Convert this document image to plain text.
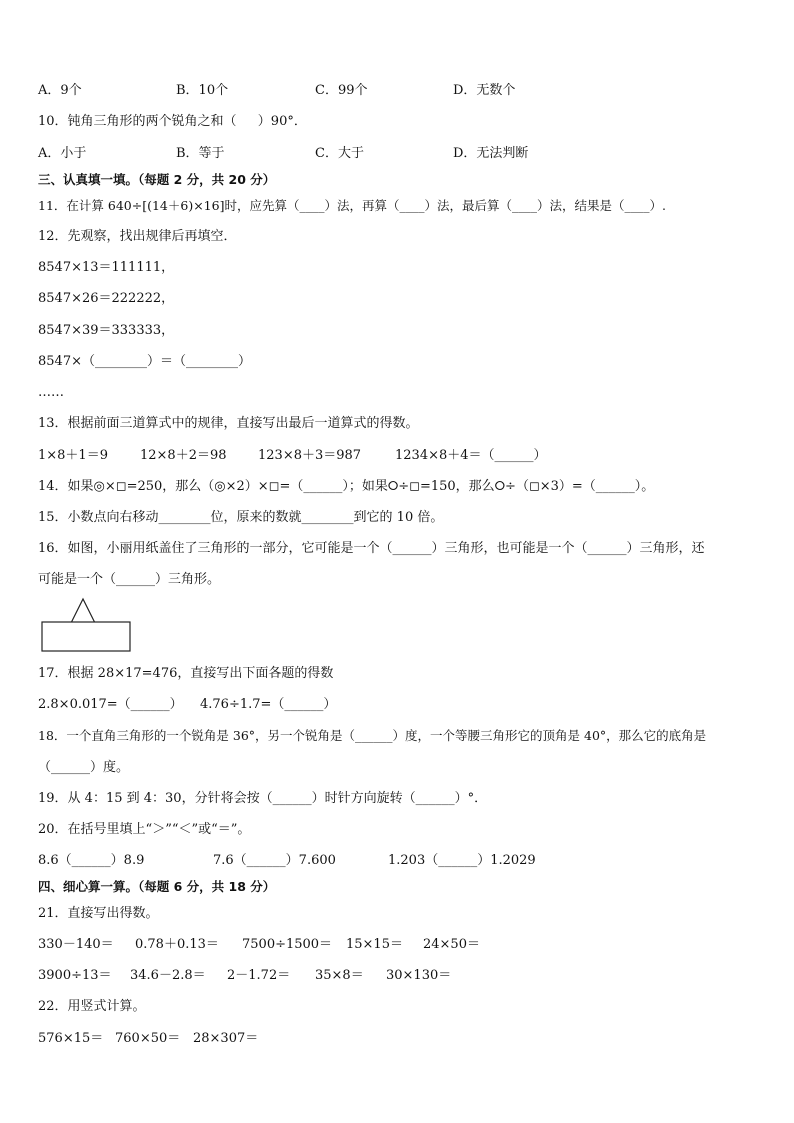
A．9个	B．10个	C．99个	D．无数个
10．钝角三角形的两个锐角之和（　  ）90°．
A．小于	B．等于	C．大于	D．无法判断
三、认真填一填。（每题 2 分，共 20 分）
11．在计算 640÷[(14＋6)×16]时，应先算（____）法，再算（____）法，最后算（____）法，结果是（____）.
12．先观察，找出规律后再填空．
8547×13＝111111，
8547×26＝222222，
8547×39＝333333，
8547×（________）＝（________）
……
13．根据前面三道算式中的规律，直接写出最后一道算式的得数。
1×8＋1＝9 12×8＋2＝98 123×8＋3＝987	1234×8＋4＝（______）
14．如果◎×◻=250，那么（◎×2）×◻=（______）；如果⭘÷◻=150，那么⭘÷（◻×3）=（______）。
15．小数点向右移动________位，原来的数就________到它的 10 倍。
16．如图，小丽用纸盖住了三角形的一部分，它可能是一个（______）三角形，也可能是一个（______）三角形，还
可能是一个（______）三角形。
17．根据 28×17=476，直接写出下面各题的得数
2.8×0.017=（______） 4.76÷1.7=（______）
18．一个直角三角形的一个锐角是 36°，另一个锐角是（______）度，一个等腰三角形它的顶角是 40°，那么它的底角是
（______）度。
19．从 4：15 到 4：30，分针将会按（______）时针方向旋转（______）°．
20．在括号里填上“＞”“＜”或“＝”。
8.6（______）8.9	7.6（______）7.600	1.203（______）1.2029
四、细心算一算。（每题 6 分，共 18 分）
21．直接写出得数。
330－140＝ 0.78＋0.13＝ 7500÷1500＝ 15×15＝ 24×50＝
3900÷13＝ 34.6－2.8＝ 2－1.72＝ 35×8＝ 30×130＝
22．用竖式计算。
576×15＝ 760×50＝ 28×307＝
